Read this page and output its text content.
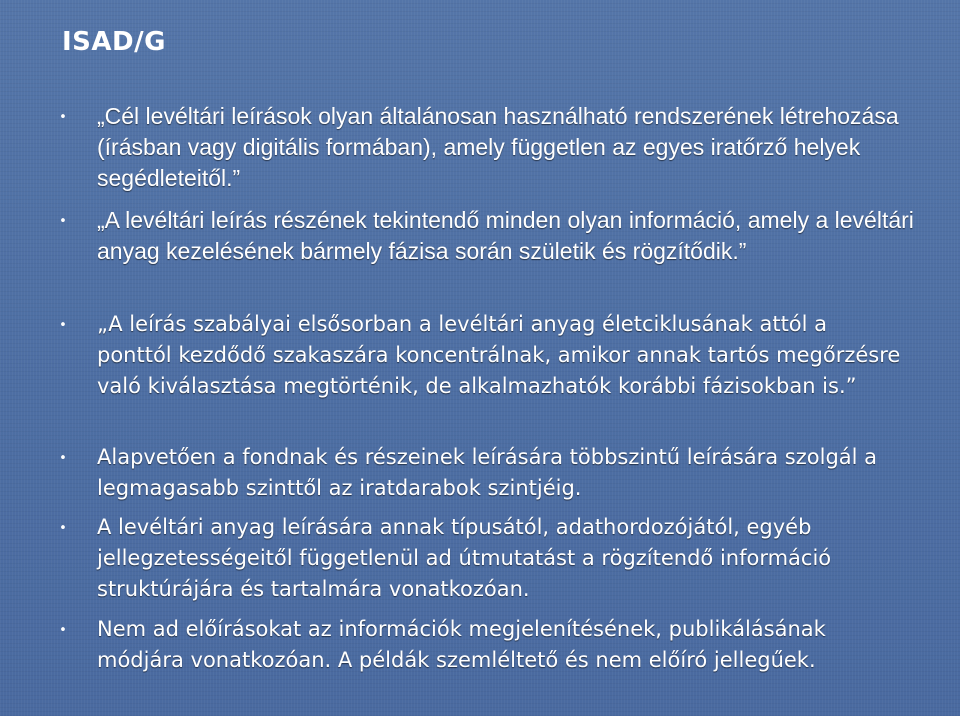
ISAD/G
• „Cél levéltári leírások olyan általánosan használható rendszerének létrehozása (írásban vagy digitális formában), amely független az egyes iratőrző helyek segédleteitől.”

• „A levéltári leírás részének tekintendő minden olyan információ, amely a levéltári anyag kezelésének bármely fázisa során születik és rögzítődik.”

• „A leírás szabályai elsősorban a levéltári anyag életciklusának attól a ponttól kezdődő szakaszára koncentrálnak, amikor annak tartós megőrzésre való kiválasztása megtörténik, de alkalmazhatók korábbi fázisokban is.”

• Alapvetően a fondnak és részeinek leírására többszintű leírására szolgál a legmagasabb szinttől az iratdarabok szintjéig.

• A levéltári anyag leírására annak típusától, adathordozójától, egyéb jellegzetességeitől függetlenül ad útmutatást a rögzítendő információ struktúrájára és tartalmára vonatkozóan.

• Nem ad előírásokat az információk megjelenítésének, publikálásának módjára vonatkozóan. A példák szemléltető és nem előíró jellegűek.
